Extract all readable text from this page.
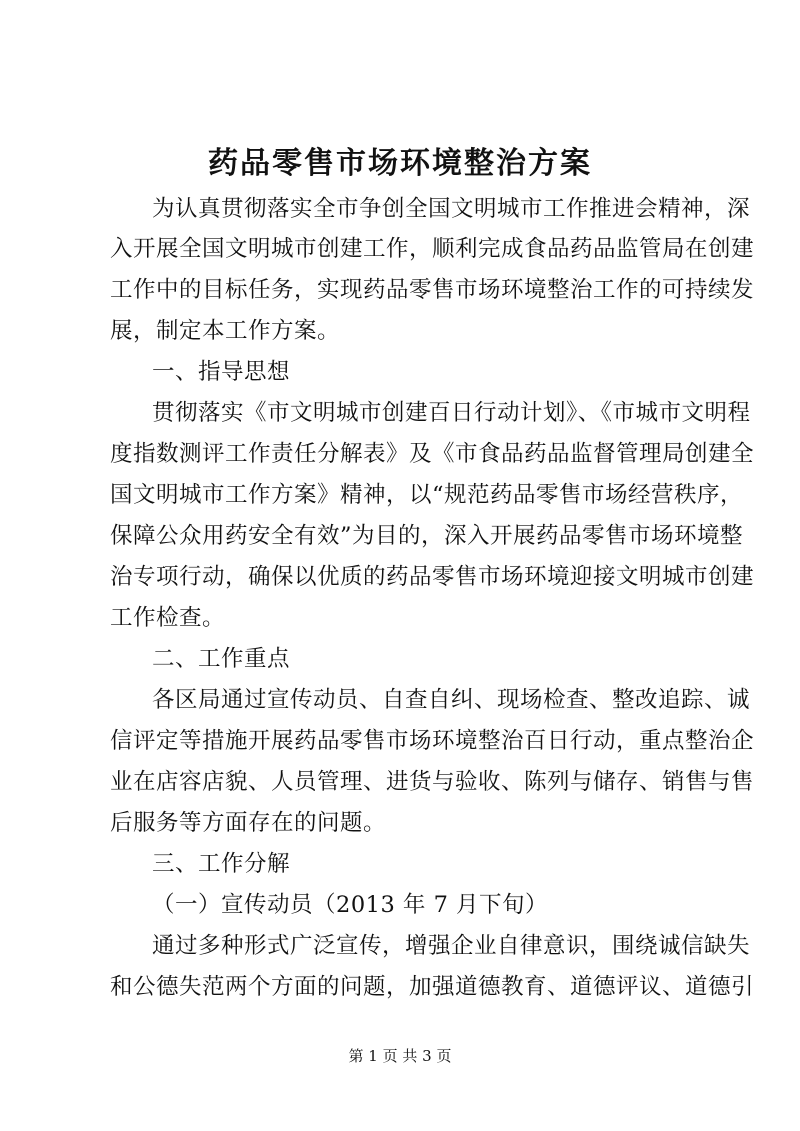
药品零售市场环境整治方案
为认真贯彻落实全市争创全国文明城市工作推进会精神，深
入开展全国文明城市创建工作，顺利完成食品药品监管局在创建
工作中的目标任务，实现药品零售市场环境整治工作的可持续发
展，制定本工作方案。
一、指导思想
贯彻落实《市文明城市创建百日行动计划》、《市城市文明程
度指数测评工作责任分解表》及《市食品药品监督管理局创建全
国文明城市工作方案》精神，以“规范药品零售市场经营秩序，
保障公众用药安全有效”为目的，深入开展药品零售市场环境整
治专项行动，确保以优质的药品零售市场环境迎接文明城市创建
工作检查。
二、工作重点
各区局通过宣传动员、自查自纠、现场检查、整改追踪、诚
信评定等措施开展药品零售市场环境整治百日行动，重点整治企
业在店容店貌、人员管理、进货与验收、陈列与储存、销售与售
后服务等方面存在的问题。
三、工作分解
（一）宣传动员（2013 年 7 月下旬）
通过多种形式广泛宣传，增强企业自律意识，围绕诚信缺失
和公德失范两个方面的问题，加强道德教育、道德评议、道德引
第 1 页 共 3 页
